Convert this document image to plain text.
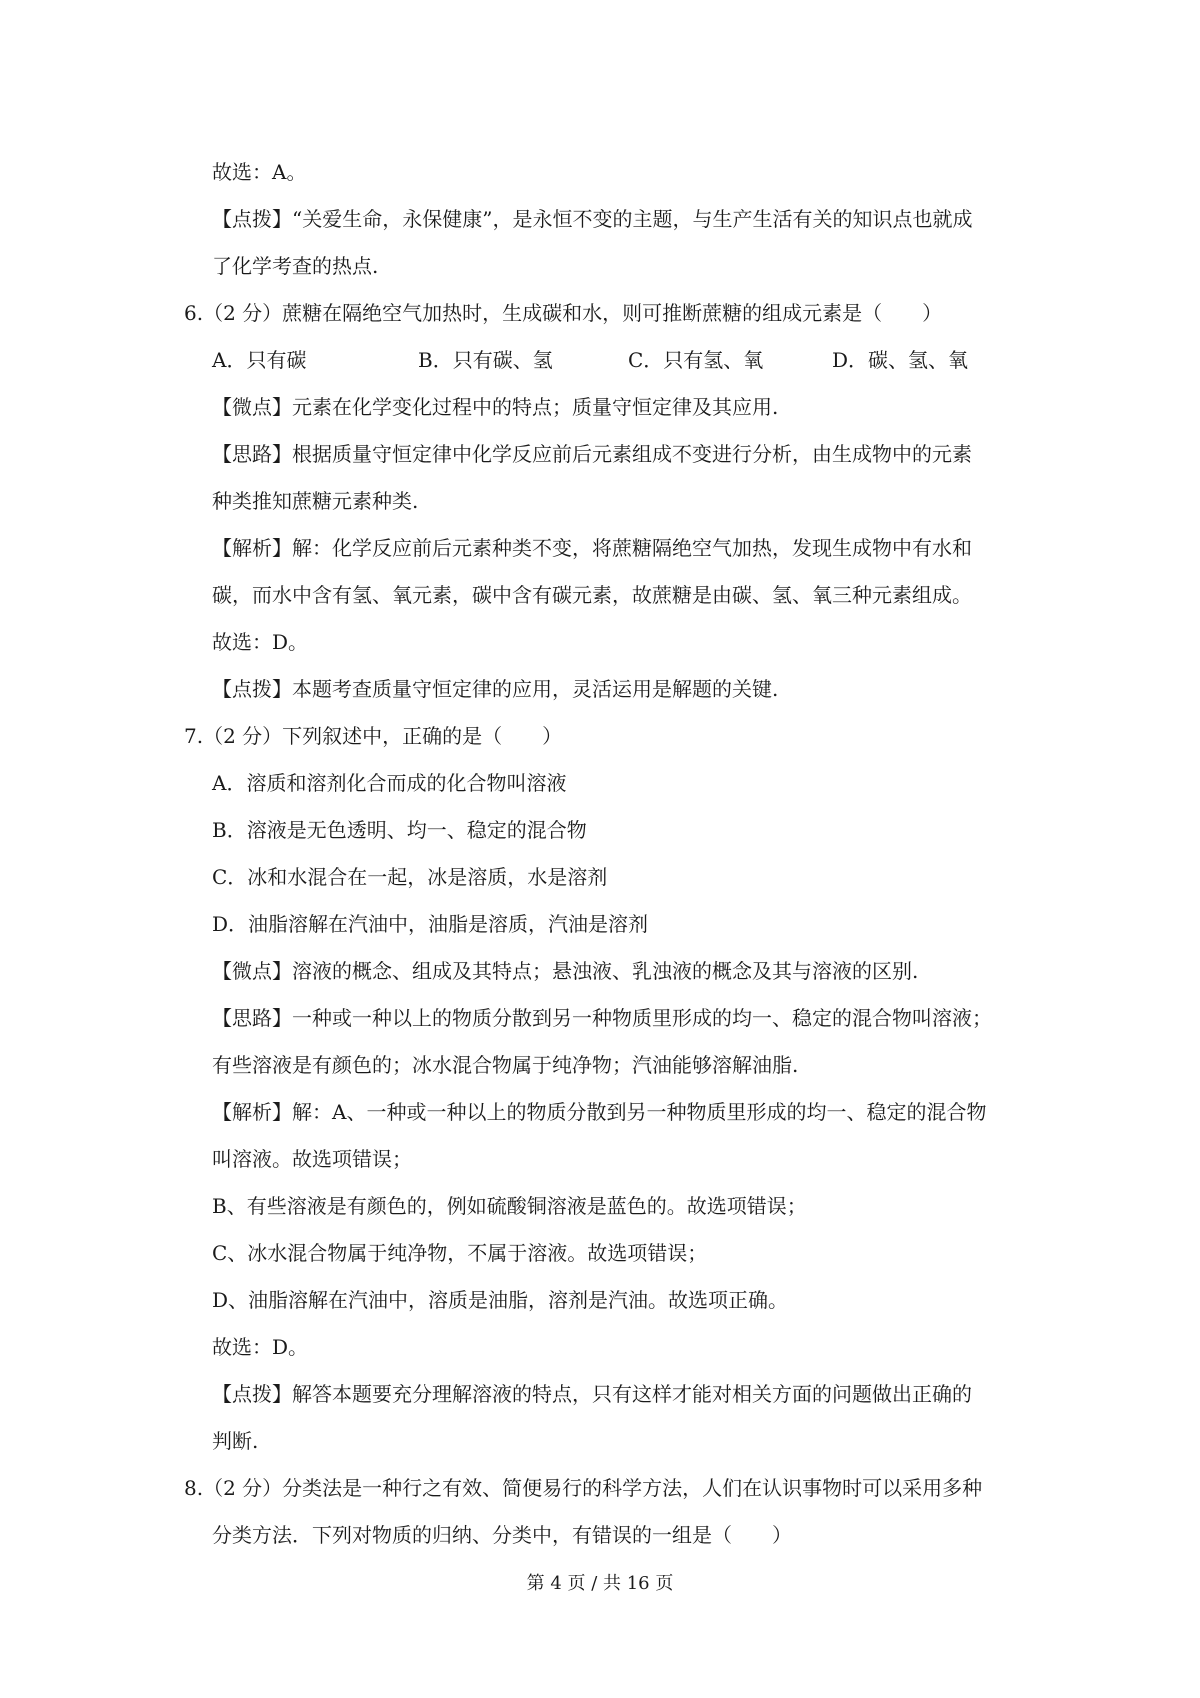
故选：A。
【点拨】“关爱生命，永保健康”，是永恒不变的主题，与生产生活有关的知识点也就成
了化学考查的热点.
6.（2 分）蔗糖在隔绝空气加热时，生成碳和水，则可推断蔗糖的组成元素是（　　）
A．只有碳	B．只有碳、氢	C．只有氢、氧	D．碳、氢、氧
【微点】元素在化学变化过程中的特点；质量守恒定律及其应用.
【思路】根据质量守恒定律中化学反应前后元素组成不变进行分析，由生成物中的元素
种类推知蔗糖元素种类.
【解析】解：化学反应前后元素种类不变，将蔗糖隔绝空气加热，发现生成物中有水和
碳，而水中含有氢、氧元素，碳中含有碳元素，故蔗糖是由碳、氢、氧三种元素组成。
故选：D。
【点拨】本题考查质量守恒定律的应用，灵活运用是解题的关键.
7.（2 分）下列叙述中，正确的是（　　）
A．溶质和溶剂化合而成的化合物叫溶液
B．溶液是无色透明、均一、稳定的混合物
C．冰和水混合在一起，冰是溶质，水是溶剂
D．油脂溶解在汽油中，油脂是溶质，汽油是溶剂
【微点】溶液的概念、组成及其特点；悬浊液、乳浊液的概念及其与溶液的区别.
【思路】一种或一种以上的物质分散到另一种物质里形成的均一、稳定的混合物叫溶液；
有些溶液是有颜色的；冰水混合物属于纯净物；汽油能够溶解油脂.
【解析】解：A、一种或一种以上的物质分散到另一种物质里形成的均一、稳定的混合物
叫溶液。故选项错误；
B、有些溶液是有颜色的，例如硫酸铜溶液是蓝色的。故选项错误；
C、冰水混合物属于纯净物，不属于溶液。故选项错误；
D、油脂溶解在汽油中，溶质是油脂，溶剂是汽油。故选项正确。
故选：D。
【点拨】解答本题要充分理解溶液的特点，只有这样才能对相关方面的问题做出正确的
判断.
8.（2 分）分类法是一种行之有效、简便易行的科学方法，人们在认识事物时可以采用多种
分类方法．下列对物质的归纳、分类中，有错误的一组是（　　）
第 4 页 / 共 16 页
